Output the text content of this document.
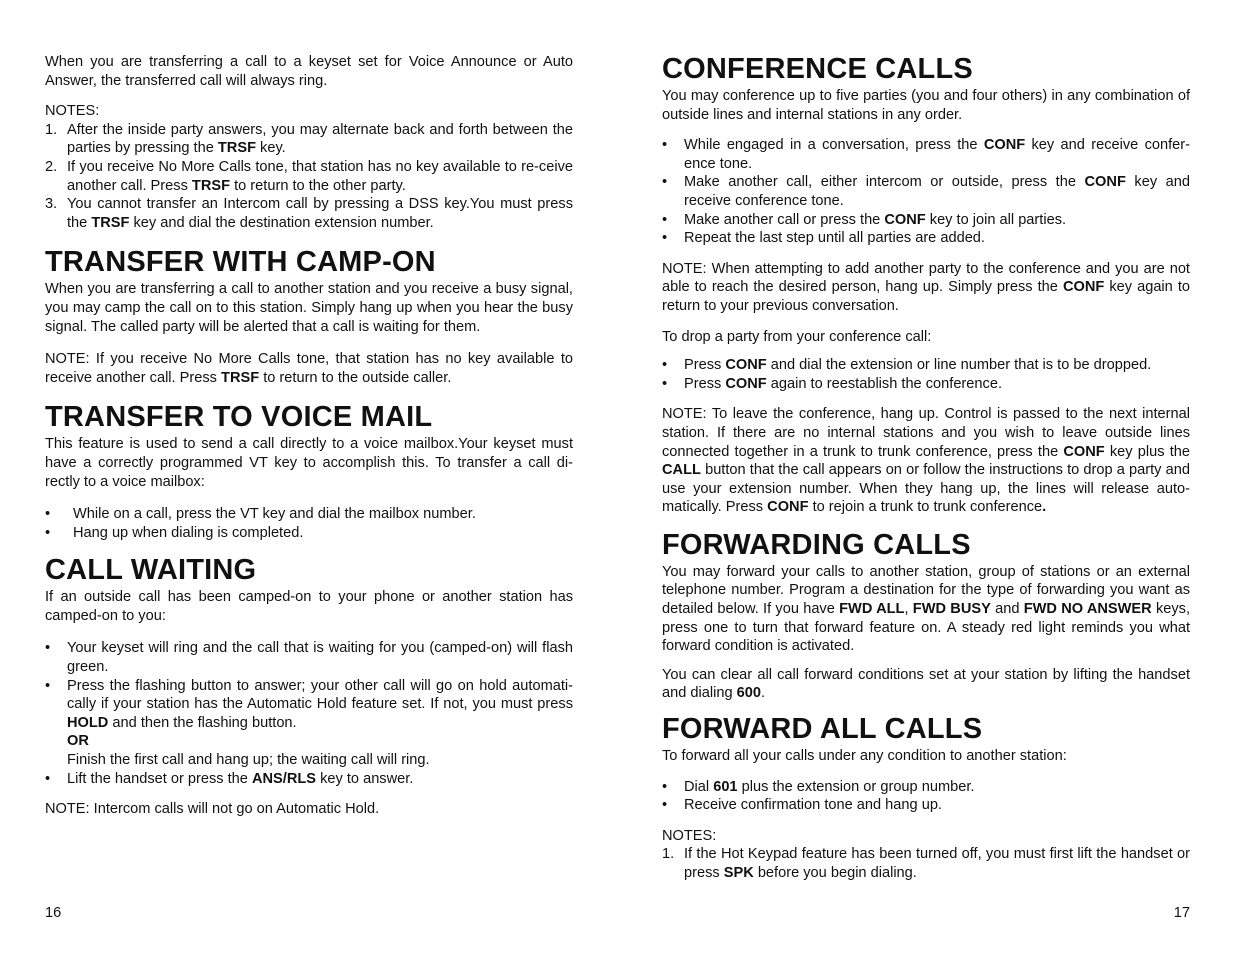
When you are transferring a call to a keyset set for Voice Announce or Auto Answer, the transferred call will always ring.

NOTES:

1. After the inside party answers, you may alternate back and forth between the parties by pressing the TRSF key.
2. If you receive No More Calls tone, that station has no key available to re-ceive another call. Press TRSF to return to the other party.
3. You cannot transfer an Intercom call by pressing a DSS key.You must press the TRSF key and dial the destination extension number.
TRANSFER WITH CAMP-ON

When you are transferring a call to another station and you receive a busy signal, you may camp the call on to this station. Simply hang up when you hear the busy signal. The called party will be alerted that a call is waiting for them.

NOTE: If you receive No More Calls tone, that station has no key available to receive another call. Press TRSF to return to the outside caller.

TRANSFER TO VOICE MAIL

This feature is used to send a call directly to a voice mailbox.Your keyset must have a correctly programmed VT key to accomplish this. To transfer a call di-rectly to a voice mailbox:

• While on a call, press the VT key and dial the mailbox number.
• Hang up when dialing is completed.
CALL WAITING

If an outside call has been camped-on to your phone or another station has camped-on to you:

• Your keyset will ring and the call that is waiting for you (camped-on) will flash green.
• Press the flashing button to answer; your other call will go on hold automati-cally if your station has the Automatic Hold feature set. If not, you must press HOLD and then the flashing button.
OR
Finish the first call and hang up; the waiting call will ring.
• Lift the handset or press the ANS/RLS key to answer.

NOTE: Intercom calls will not go on Automatic Hold.

CONFERENCE CALLS

You may conference up to five parties (you and four others) in any combination of outside lines and internal stations in any order.

• While engaged in a conversation, press the CONF key and receive confer-ence tone.
• Make another call, either intercom or outside, press the CONF key and receive conference tone.
• Make another call or press the CONF key to join all parties.
• Repeat the last step until all parties are added.

NOTE: When attempting to add another party to the conference and you are not able to reach the desired person, hang up. Simply press the CONF key again to return to your previous conversation.

To drop a party from your conference call:

• Press CONF and dial the extension or line number that is to be dropped.
• Press CONF again to reestablish the conference.

NOTE: To leave the conference, hang up. Control is passed to the next internal station. If there are no internal stations and you wish to leave outside lines connected together in a trunk to trunk conference, press the CONF key plus the CALL button that the call appears on or follow the instructions to drop a party and use your extension number. When they hang up, the lines will release auto-matically. Press CONF to rejoin a trunk to trunk conference.

FORWARDING CALLS

You may forward your calls to another station, group of stations or an external telephone number. Program a destination for the type of forwarding you want as detailed below. If you have FWD ALL, FWD BUSY and FWD NO ANSWER keys, press one to turn that forward feature on. A steady red light reminds you what forward condition is activated.

You can clear all call forward conditions set at your station by lifting the handset and dialing 600.

FORWARD ALL CALLS

To forward all your calls under any condition to another station:

• Dial 601 plus the extension or group number.
• Receive confirmation tone and hang up.

NOTES:

1. If the Hot Keypad feature has been turned off, you must first lift the handset or press SPK before you begin dialing.
16	17
